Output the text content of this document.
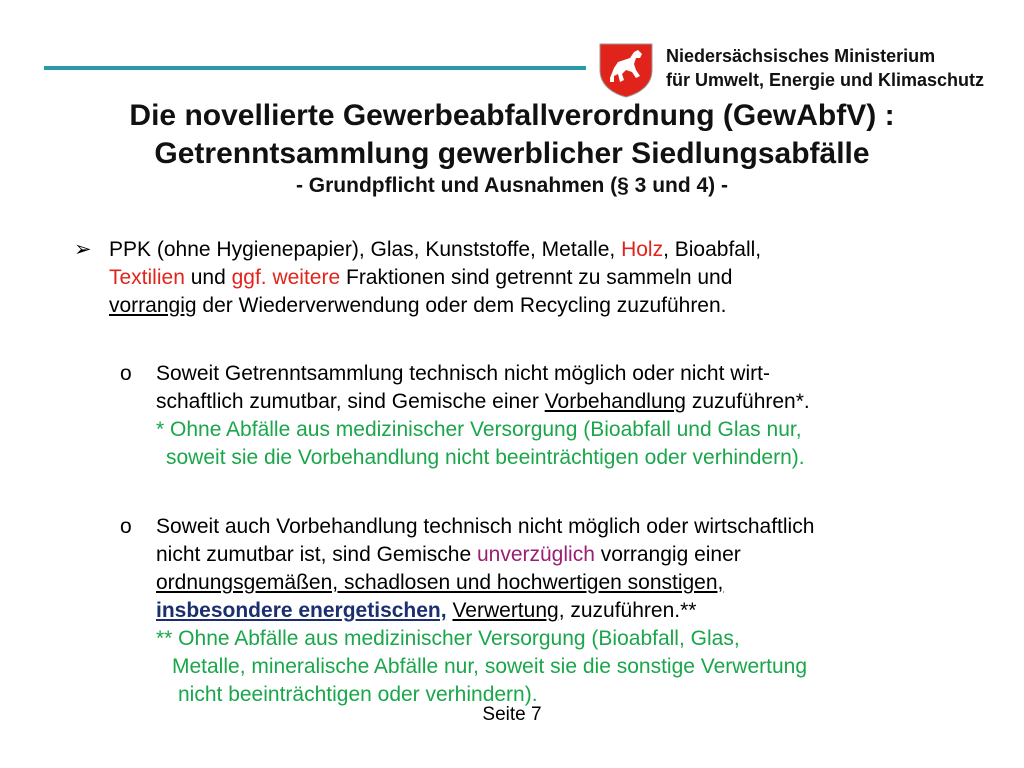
Niedersächsisches Ministerium
für Umwelt, Energie und Klimaschutz
Die novellierte Gewerbeabfallverordnung (GewAbfV) :
Getrenntsammlung gewerblicher Siedlungsabfälle
- Grundpflicht und Ausnahmen (§ 3 und 4) -
➢ PPK (ohne Hygienepapier), Glas, Kunststoffe, Metalle, Holz, Bioabfall,
Textilien und ggf. weitere Fraktionen sind getrennt zu sammeln und
vorrangig der Wiederverwendung oder dem Recycling zuzuführen.
o Soweit Getrenntsammlung technisch nicht möglich oder nicht wirt-
schaftlich zumutbar, sind Gemische einer Vorbehandlung zuzuführen*.
* Ohne Abfälle aus medizinischer Versorgung (Bioabfall und Glas nur,
soweit sie die Vorbehandlung nicht beeinträchtigen oder verhindern).
o Soweit auch Vorbehandlung technisch nicht möglich oder wirtschaftlich
nicht zumutbar ist, sind Gemische unverzüglich vorrangig einer
ordnungsgemäßen, schadlosen und hochwertigen sonstigen,
insbesondere energetischen, Verwertung, zuzuführen.**
** Ohne Abfälle aus medizinischer Versorgung (Bioabfall, Glas,
Metalle, mineralische Abfälle nur, soweit sie die sonstige Verwertung
nicht beeinträchtigen oder verhindern).
Seite 7
